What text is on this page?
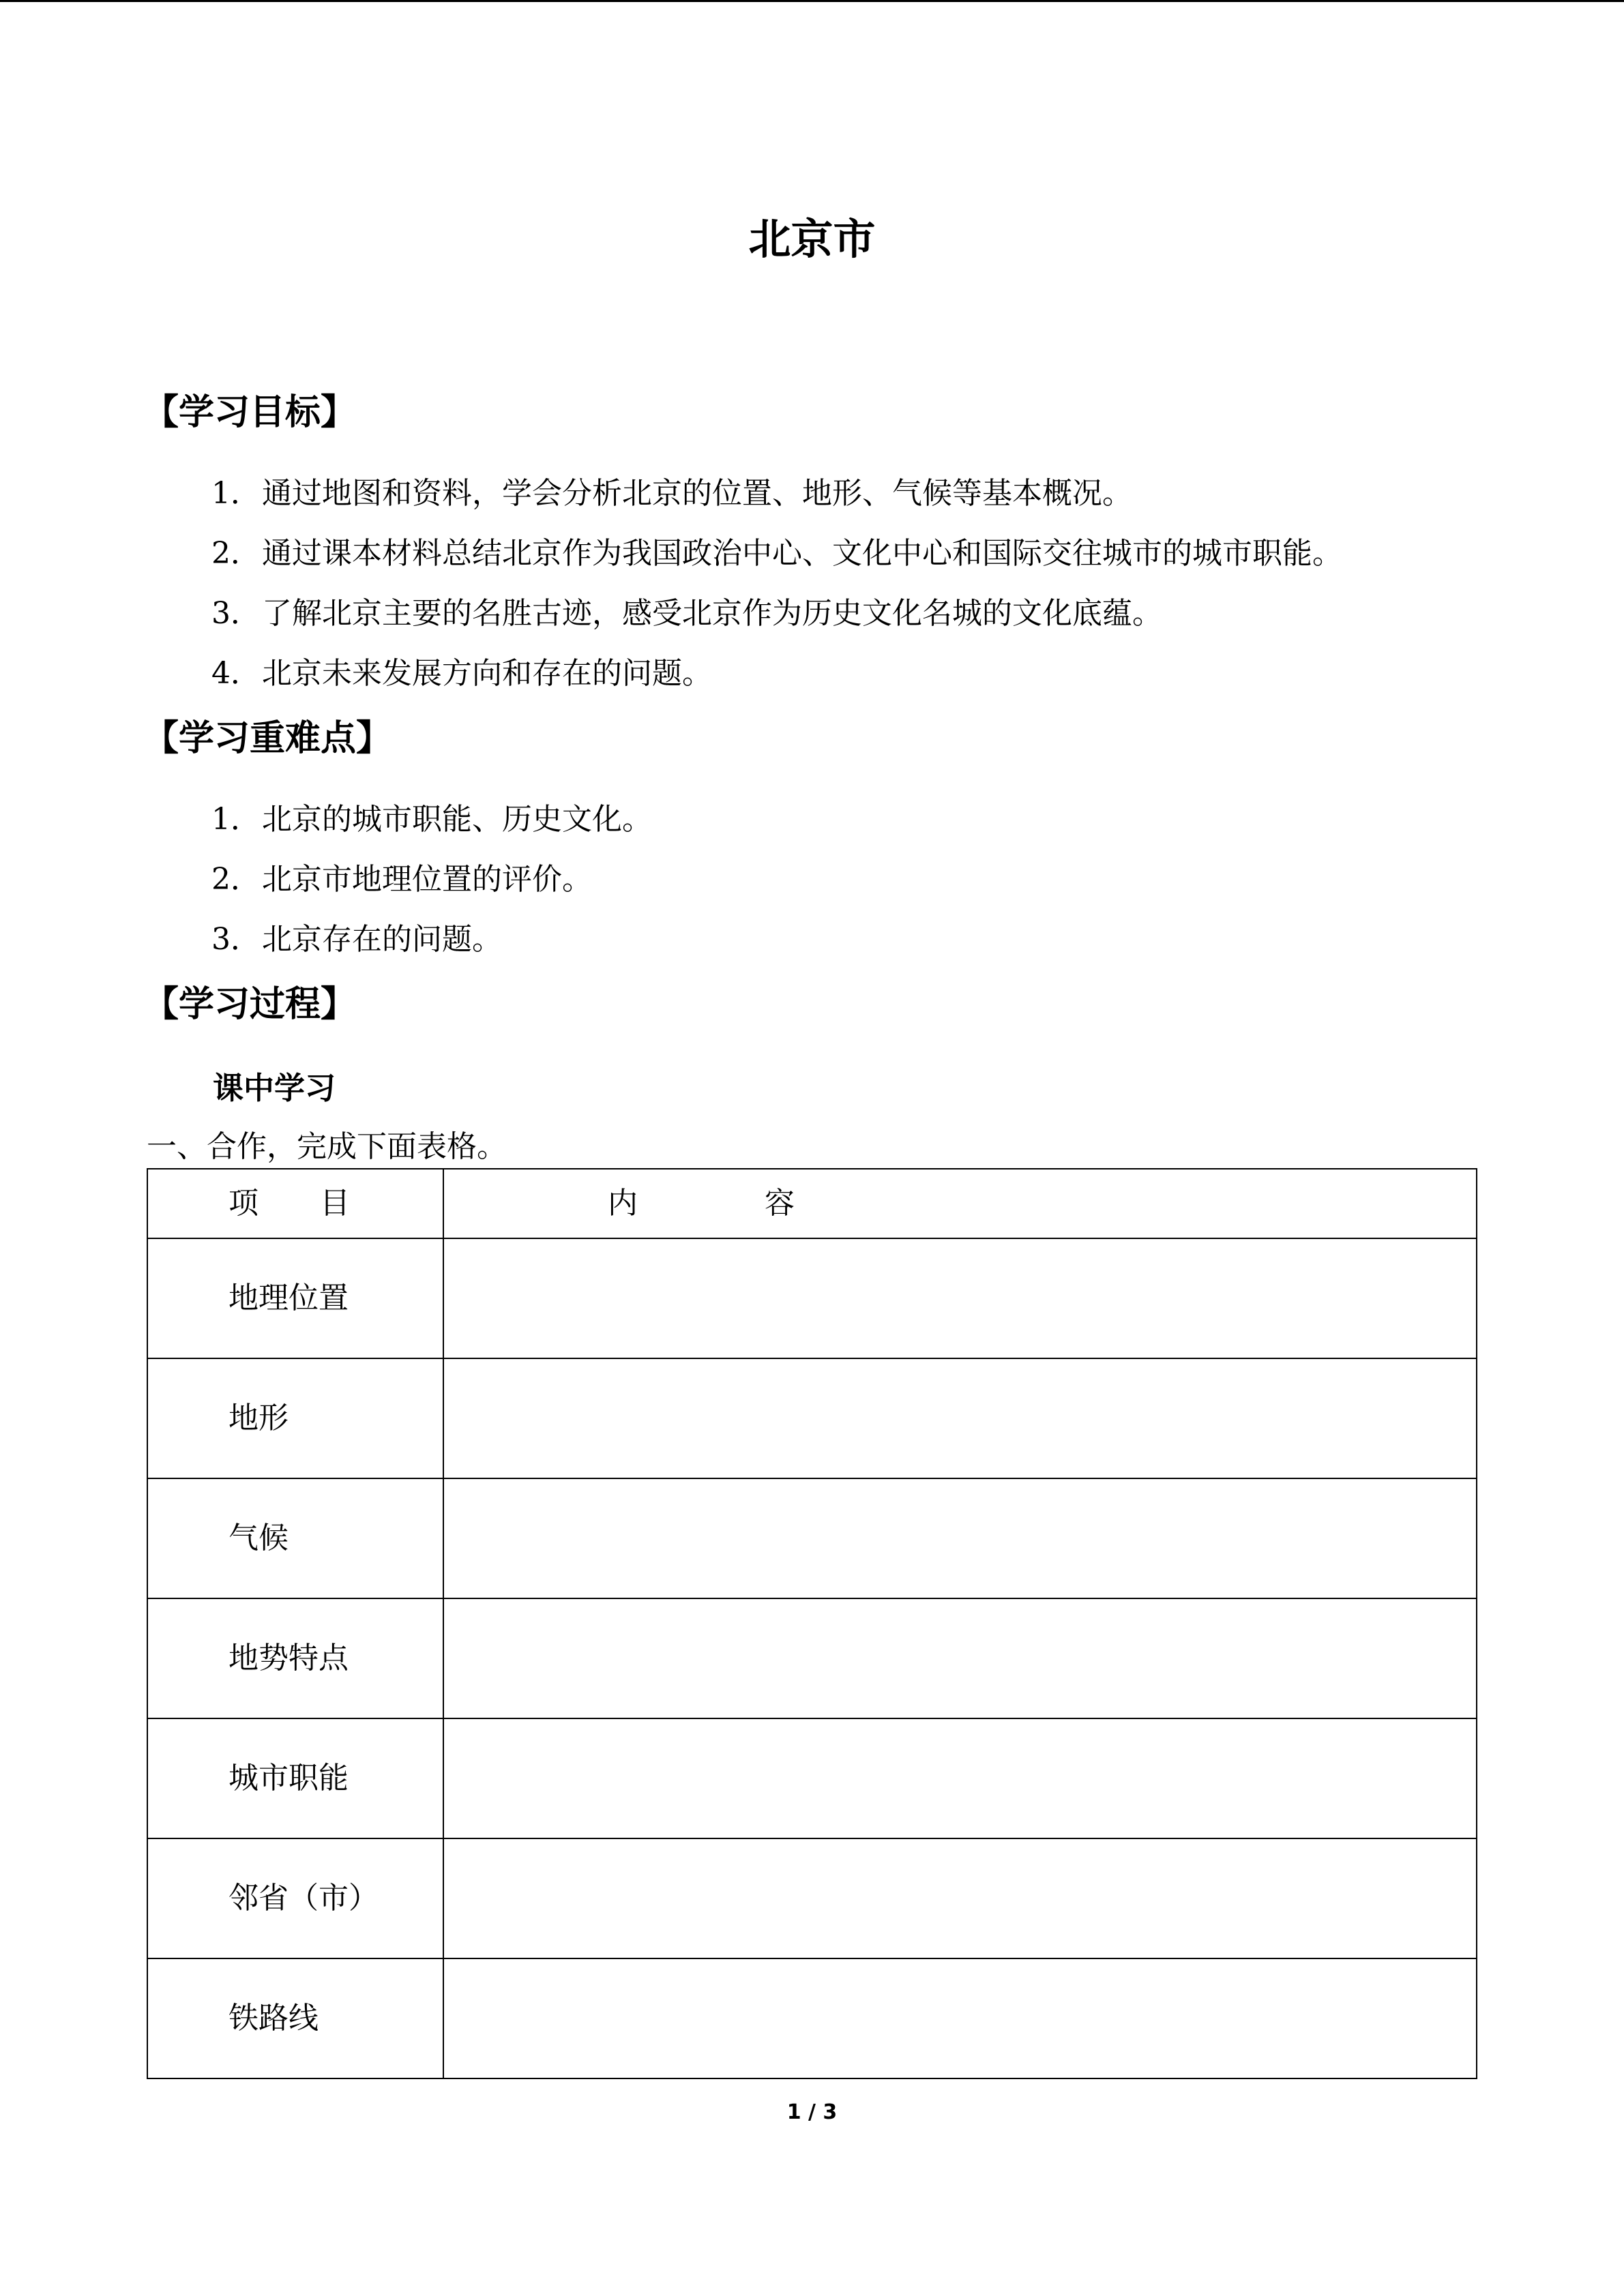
北京市
【学习目标】
1．通过地图和资料，学会分析北京的位置、地形、气候等基本概况。
2．通过课本材料总结北京作为我国政治中心、文化中心和国际交往城市的城市职能。
3．了解北京主要的名胜古迹，感受北京作为历史文化名城的文化底蕴。
4．北京未来发展方向和存在的问题。
【学习重难点】
1．北京的城市职能、历史文化。
2．北京市地理位置的评价。
3．北京存在的问题。
【学习过程】
课中学习
一、合作，完成下面表格。
项 目	内 容
地理位置	
地形	
气候	
地势特点	
城市职能	
邻省（市）	
铁路线	
1 / 3
